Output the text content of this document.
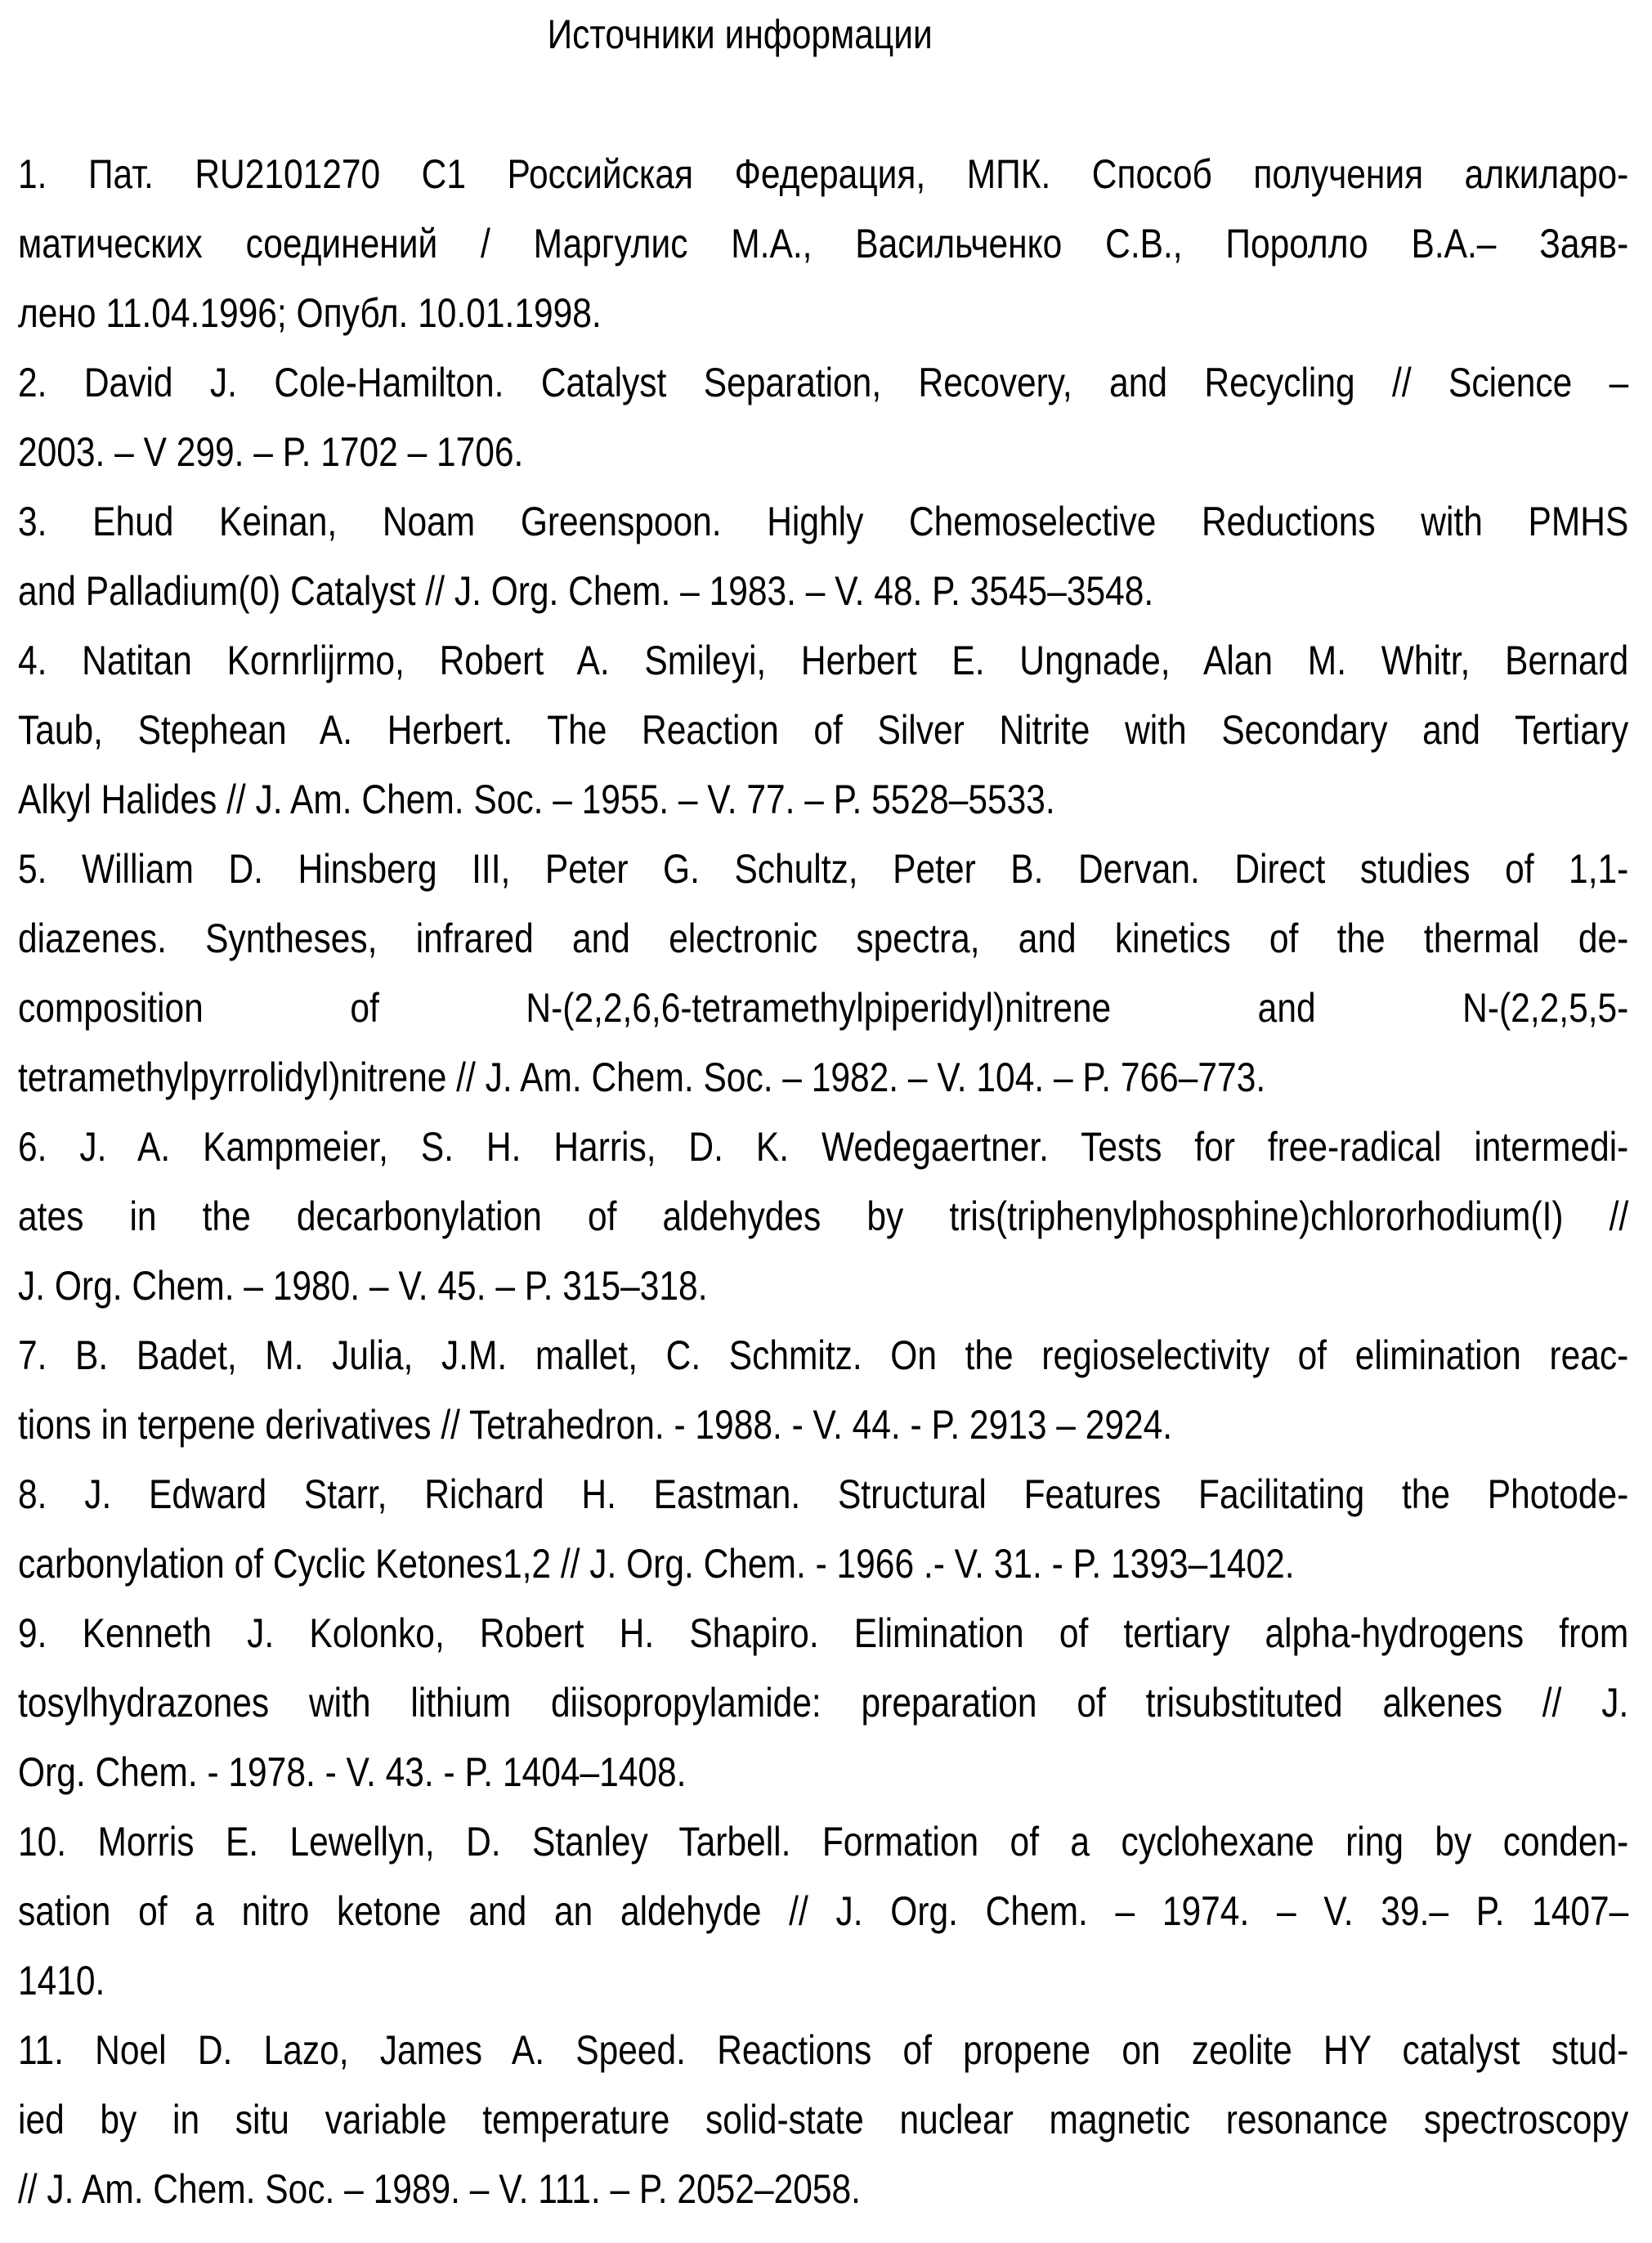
Источники информации
1. Пат. RU2101270 С1 Российская Федерация, МПК. Способ получения алкиларо-
матических соединений / Маргулис М.А., Васильченко С.В., Поролло В.А.– Заяв-
лено 11.04.1996; Опубл. 10.01.1998.
2. David J. Cole-Hamilton. Catalyst Separation, Recovery, and Recycling // Science –
2003. – V 299. – P. 1702 – 1706.
3. Ehud Keinan, Noam Greenspoon. Highly Chemoselective Reductions with PMHS
and Palladium(0) Catalyst // J. Org. Chem. – 1983. – V. 48. P. 3545–3548.
4. Natitan Kornrlijrmo, Robert A. Smileyi, Herbert E. Ungnade, Alan M. Whitr, Bernard
Taub, Stephean A. Herbert. The Reaction of Silver Nitrite with Secondary and Tertiary
Alkyl Halides // J. Am. Chem. Soc. – 1955. – V. 77. – P. 5528–5533.
5. William D. Hinsberg III, Peter G. Schultz, Peter B. Dervan. Direct studies of 1,1-
diazenes. Syntheses, infrared and electronic spectra, and kinetics of the thermal de-
composition of N-(2,2,6,6-tetramethylpiperidyl)nitrene and N-(2,2,5,5-
tetramethylpyrrolidyl)nitrene // J. Am. Chem. Soc. – 1982. – V. 104. – P. 766–773.
6. J. A. Kampmeier, S. H. Harris, D. K. Wedegaertner. Tests for free-radical intermedi-
ates in the decarbonylation of aldehydes by tris(triphenylphosphine)chlororhodium(I) //
J. Org. Chem. – 1980. – V. 45. – P. 315–318.
7. B. Badet, M. Julia, J.M. mallet, C. Schmitz. On the regioselectivity of elimination reac-
tions in terpene derivatives // Tetrahedron. - 1988. - V. 44. - P. 2913 – 2924.
8. J. Edward Starr, Richard H. Eastman. Structural Features Facilitating the Photode-
carbonylation of Cyclic Ketones1,2 // J. Org. Chem. - 1966 .- V. 31. - P. 1393–1402.
9. Kenneth J. Kolonko, Robert H. Shapiro. Elimination of tertiary alpha-hydrogens from
tosylhydrazones with lithium diisopropylamide: preparation of trisubstituted alkenes // J.
Org. Chem. - 1978. - V. 43. - P. 1404–1408.
10. Morris E. Lewellyn, D. Stanley Tarbell. Formation of a cyclohexane ring by conden-
sation of a nitro ketone and an aldehyde // J. Org. Chem. – 1974. – V. 39.– P. 1407–
1410.
11. Noel D. Lazo, James A. Speed. Reactions of propene on zeolite HY catalyst stud-
ied by in situ variable temperature solid-state nuclear magnetic resonance spectroscopy
// J. Am. Chem. Soc. – 1989. – V. 111. – P. 2052–2058.
